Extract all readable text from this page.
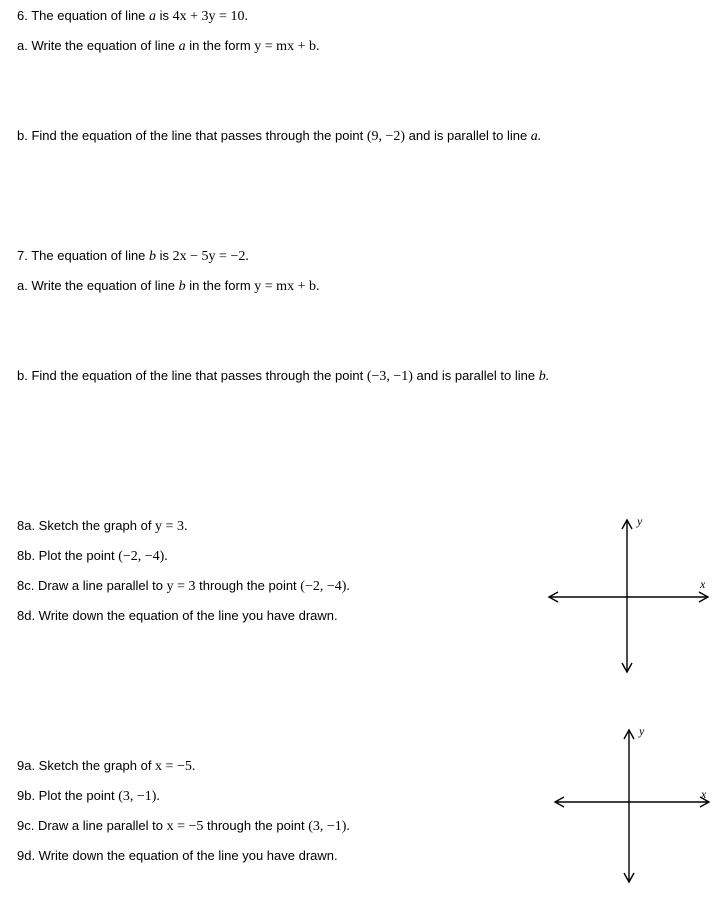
6. The equation of line a is 4x + 3y = 10.
a. Write the equation of line a in the form y = mx + b.
b. Find the equation of the line that passes through the point (9, −2) and is parallel to line a.
7. The equation of line b is 2x − 5y = −2.
a. Write the equation of line b in the form y = mx + b.
b. Find the equation of the line that passes through the point (−3, −1) and is parallel to line b.
8a. Sketch the graph of y = 3.
8b. Plot the point (−2, −4).
8c. Draw a line parallel to y = 3 through the point (−2, −4).
8d. Write down the equation of the line you have drawn.
x
y
9a. Sketch the graph of x = −5.
9b. Plot the point (3, −1).
9c. Draw a line parallel to x = −5 through the point (3, −1).
9d. Write down the equation of the line you have drawn.
x
y
